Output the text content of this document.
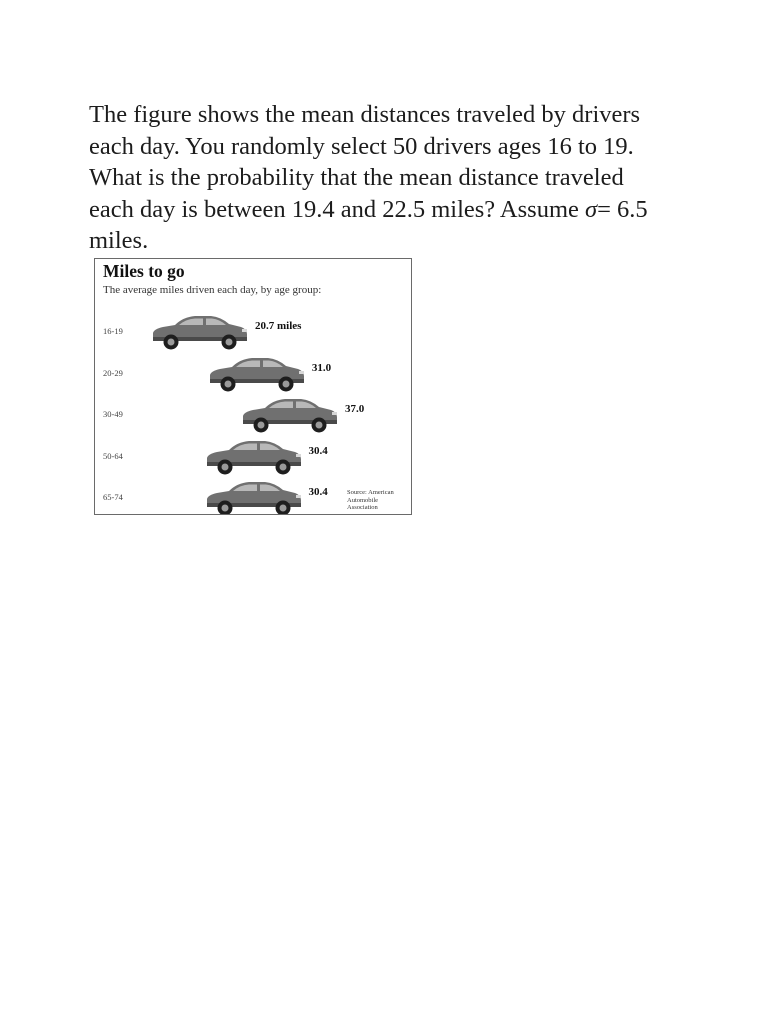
The figure shows the mean distances traveled by drivers
each day. You randomly select 50 drivers ages 16 to 19.
What is the probability that the mean distance traveled
each day is between 19.4 and 22.5 miles? Assume σ= 6.5
miles.
Miles to go
The average miles driven each day, by age group:
Source: American
Automobile
Association
16-19	20.7 miles
20-29	31.0
30-49	37.0
50-64	30.4
65-74	30.4
